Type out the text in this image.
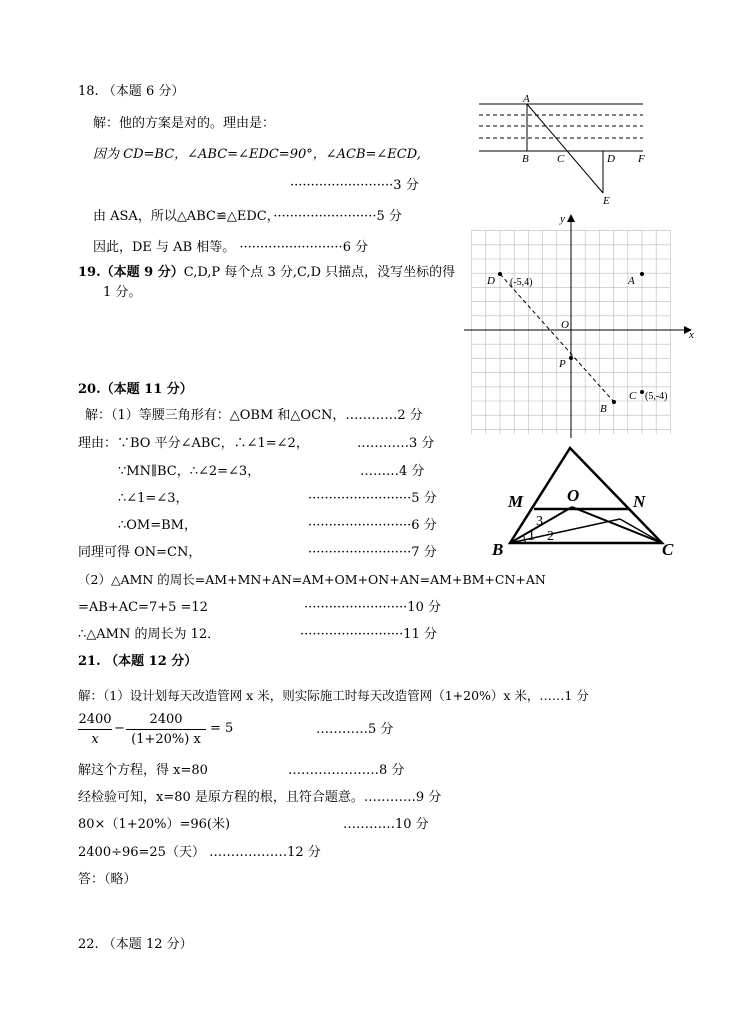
18. （本题 6 分）
解：他的方案是对的。理由是：
因为 CD=BC，∠ABC=∠EDC=90°，∠ACB=∠ECD,
·························3 分
由 ASA，所以△ABC≌△EDC，·························5 分
因此，DE 与 AB 相等。 ·························6 分
19.（本题 9 分）C,D,P 每个点 3 分,C,D 只描点，没写坐标的得
1 分。
20.（本题 11 分）
解：（1）等腰三角形有：△OBM 和△OCN，…………2 分
理由：∵BO 平分∠ABC，∴∠1=∠2，	…………3 分
∵MN∥BC，∴∠2=∠3，	………4 分
∴∠1=∠3，	·························5 分
∴OM=BM，	·························6 分
同理可得 ON=CN，	·························7 分
（2）△AMN 的周长=AM+MN+AN=AM+OM+ON+AN=AM+BM+CN+AN
=AB+AC=7+5 =12	·························10 分
∴△AMN 的周长为 12．	·························11 分
21. （本题 12 分）
解：（1）设计划每天改造管网 x 米，则实际施工时每天改造管网（1+20%）x 米，……1 分
2400
x
−
2400
(1+20%) x
= 5	…………5 分
解这个方程，得 x=80	…………………8 分
经检验可知，x=80 是原方程的根，且符合题意。…………9 分
80×（1+20%）=96(米)	…………10 分
2400÷96=25（天） ………………12 分
答：（略）
22. （本题 12 分）
A
B	C	D F
E
x
y
O
D (-5,4)	A
P
B
C (5,-4)
M	O	N
B	C
1 2
3
